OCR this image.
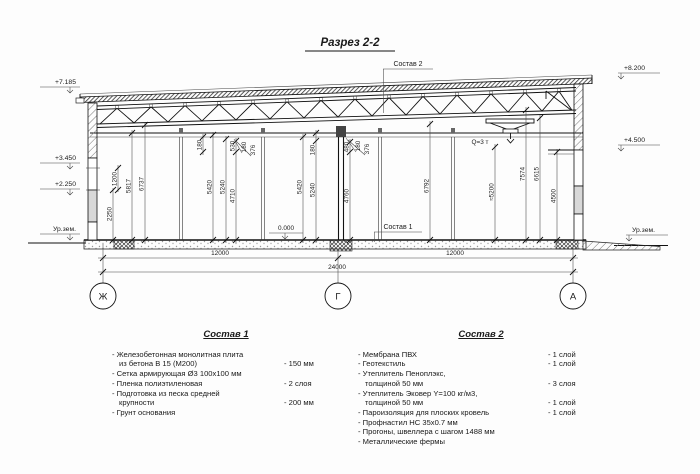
Разрез 2-2
Q=3 т
Состав 2
Состав 1
0.000
+7.185
+3.450
+2.250
Ур.зем.
+8.200
+4.500
Ур.зем.
2250
1200 5817 6737
180
5420 5240
530
4710
180 376
5420
180
5240
480
4760
180 376
6792	≈5200
7574 6615
4500
12000	12000
24000
Ж	Г	А
Состав 1
- Железобетонная монолитная плита
из бетона В 15 (М200)	- 150 мм
- Сетка армирующая Ø3 100х100 мм
- Пленка полиэтиленовая	- 2 слоя
- Подготовка из песка средней
крупности	- 200 мм
- Грунт основания
Состав 2
- Мембрана ПВХ	- 1 слой
- Геотекстиль	- 1 слой
- Утеплитель Пеноплэкс,
толщиной 50 мм	- 3 слоя
- Утеплитель Эковер Y=100 кг/м3,
толщиной 50 мм	- 1 слой
- Пароизоляция для плоских кровель	- 1 слой
- Профнастил НС 35х0.7 мм
- Прогоны, швеллера с шагом 1488 мм
- Металлические фермы
